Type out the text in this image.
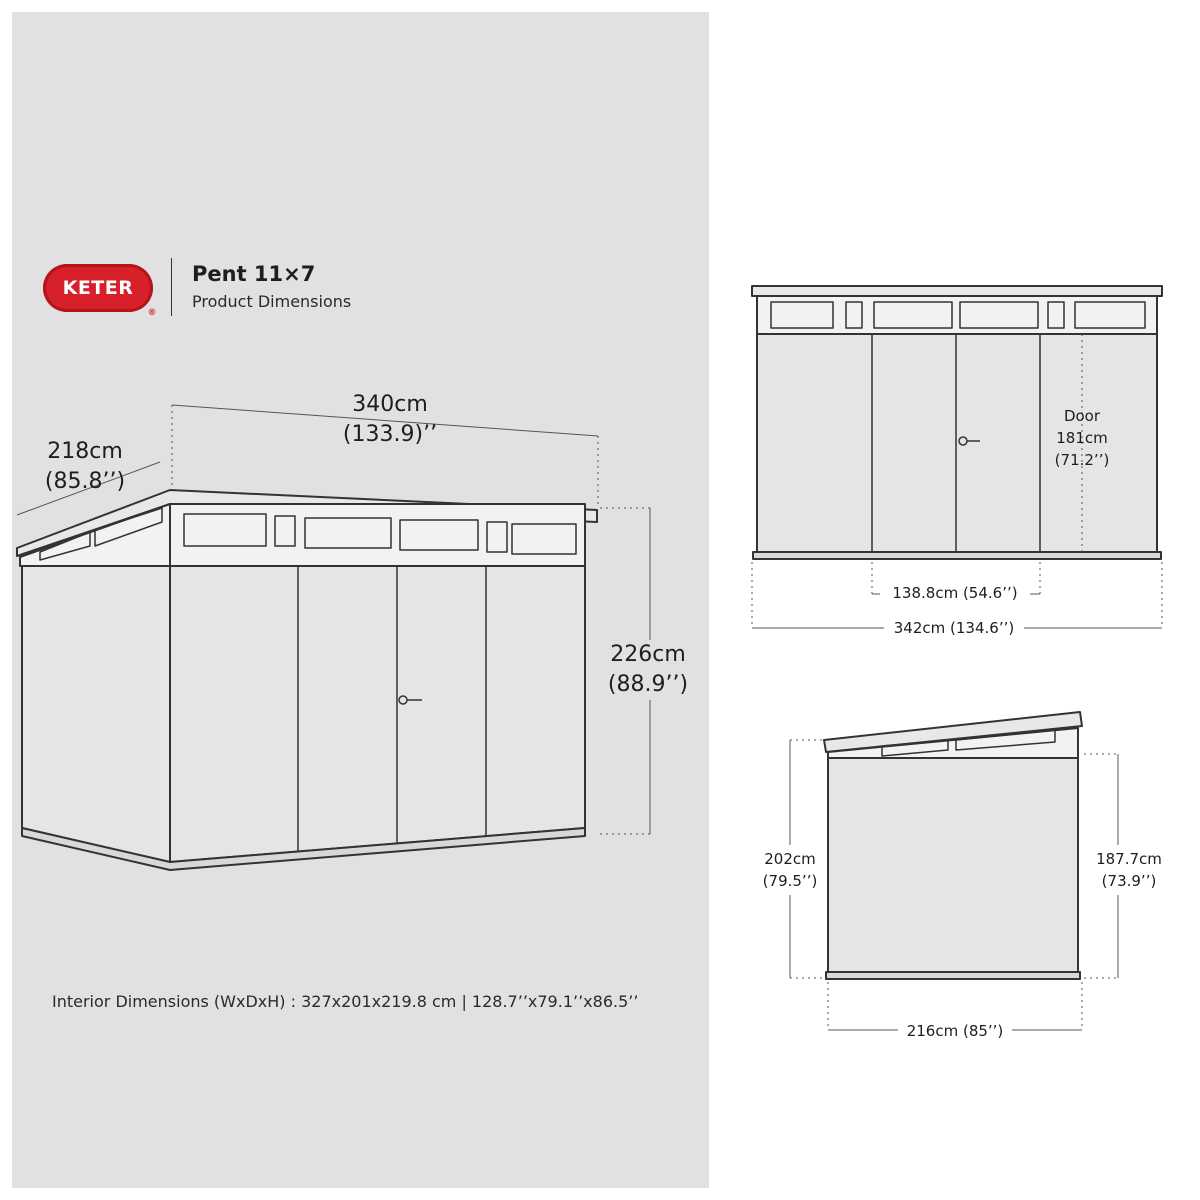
KETER
®
Pent 11×7
Product Dimensions
340cm
(133.9)’’
218cm
(85.8’’)
226cm
(88.9’’)
Door
181cm
(71.2’’)
138.8cm (54.6’’)
342cm (134.6’’)
202cm
(79.5’’)
187.7cm
(73.9’’)
216cm (85’’)
Interior Dimensions (WxDxH) : 327x201x219.8 cm | 128.7’’x79.1’’x86.5’’
